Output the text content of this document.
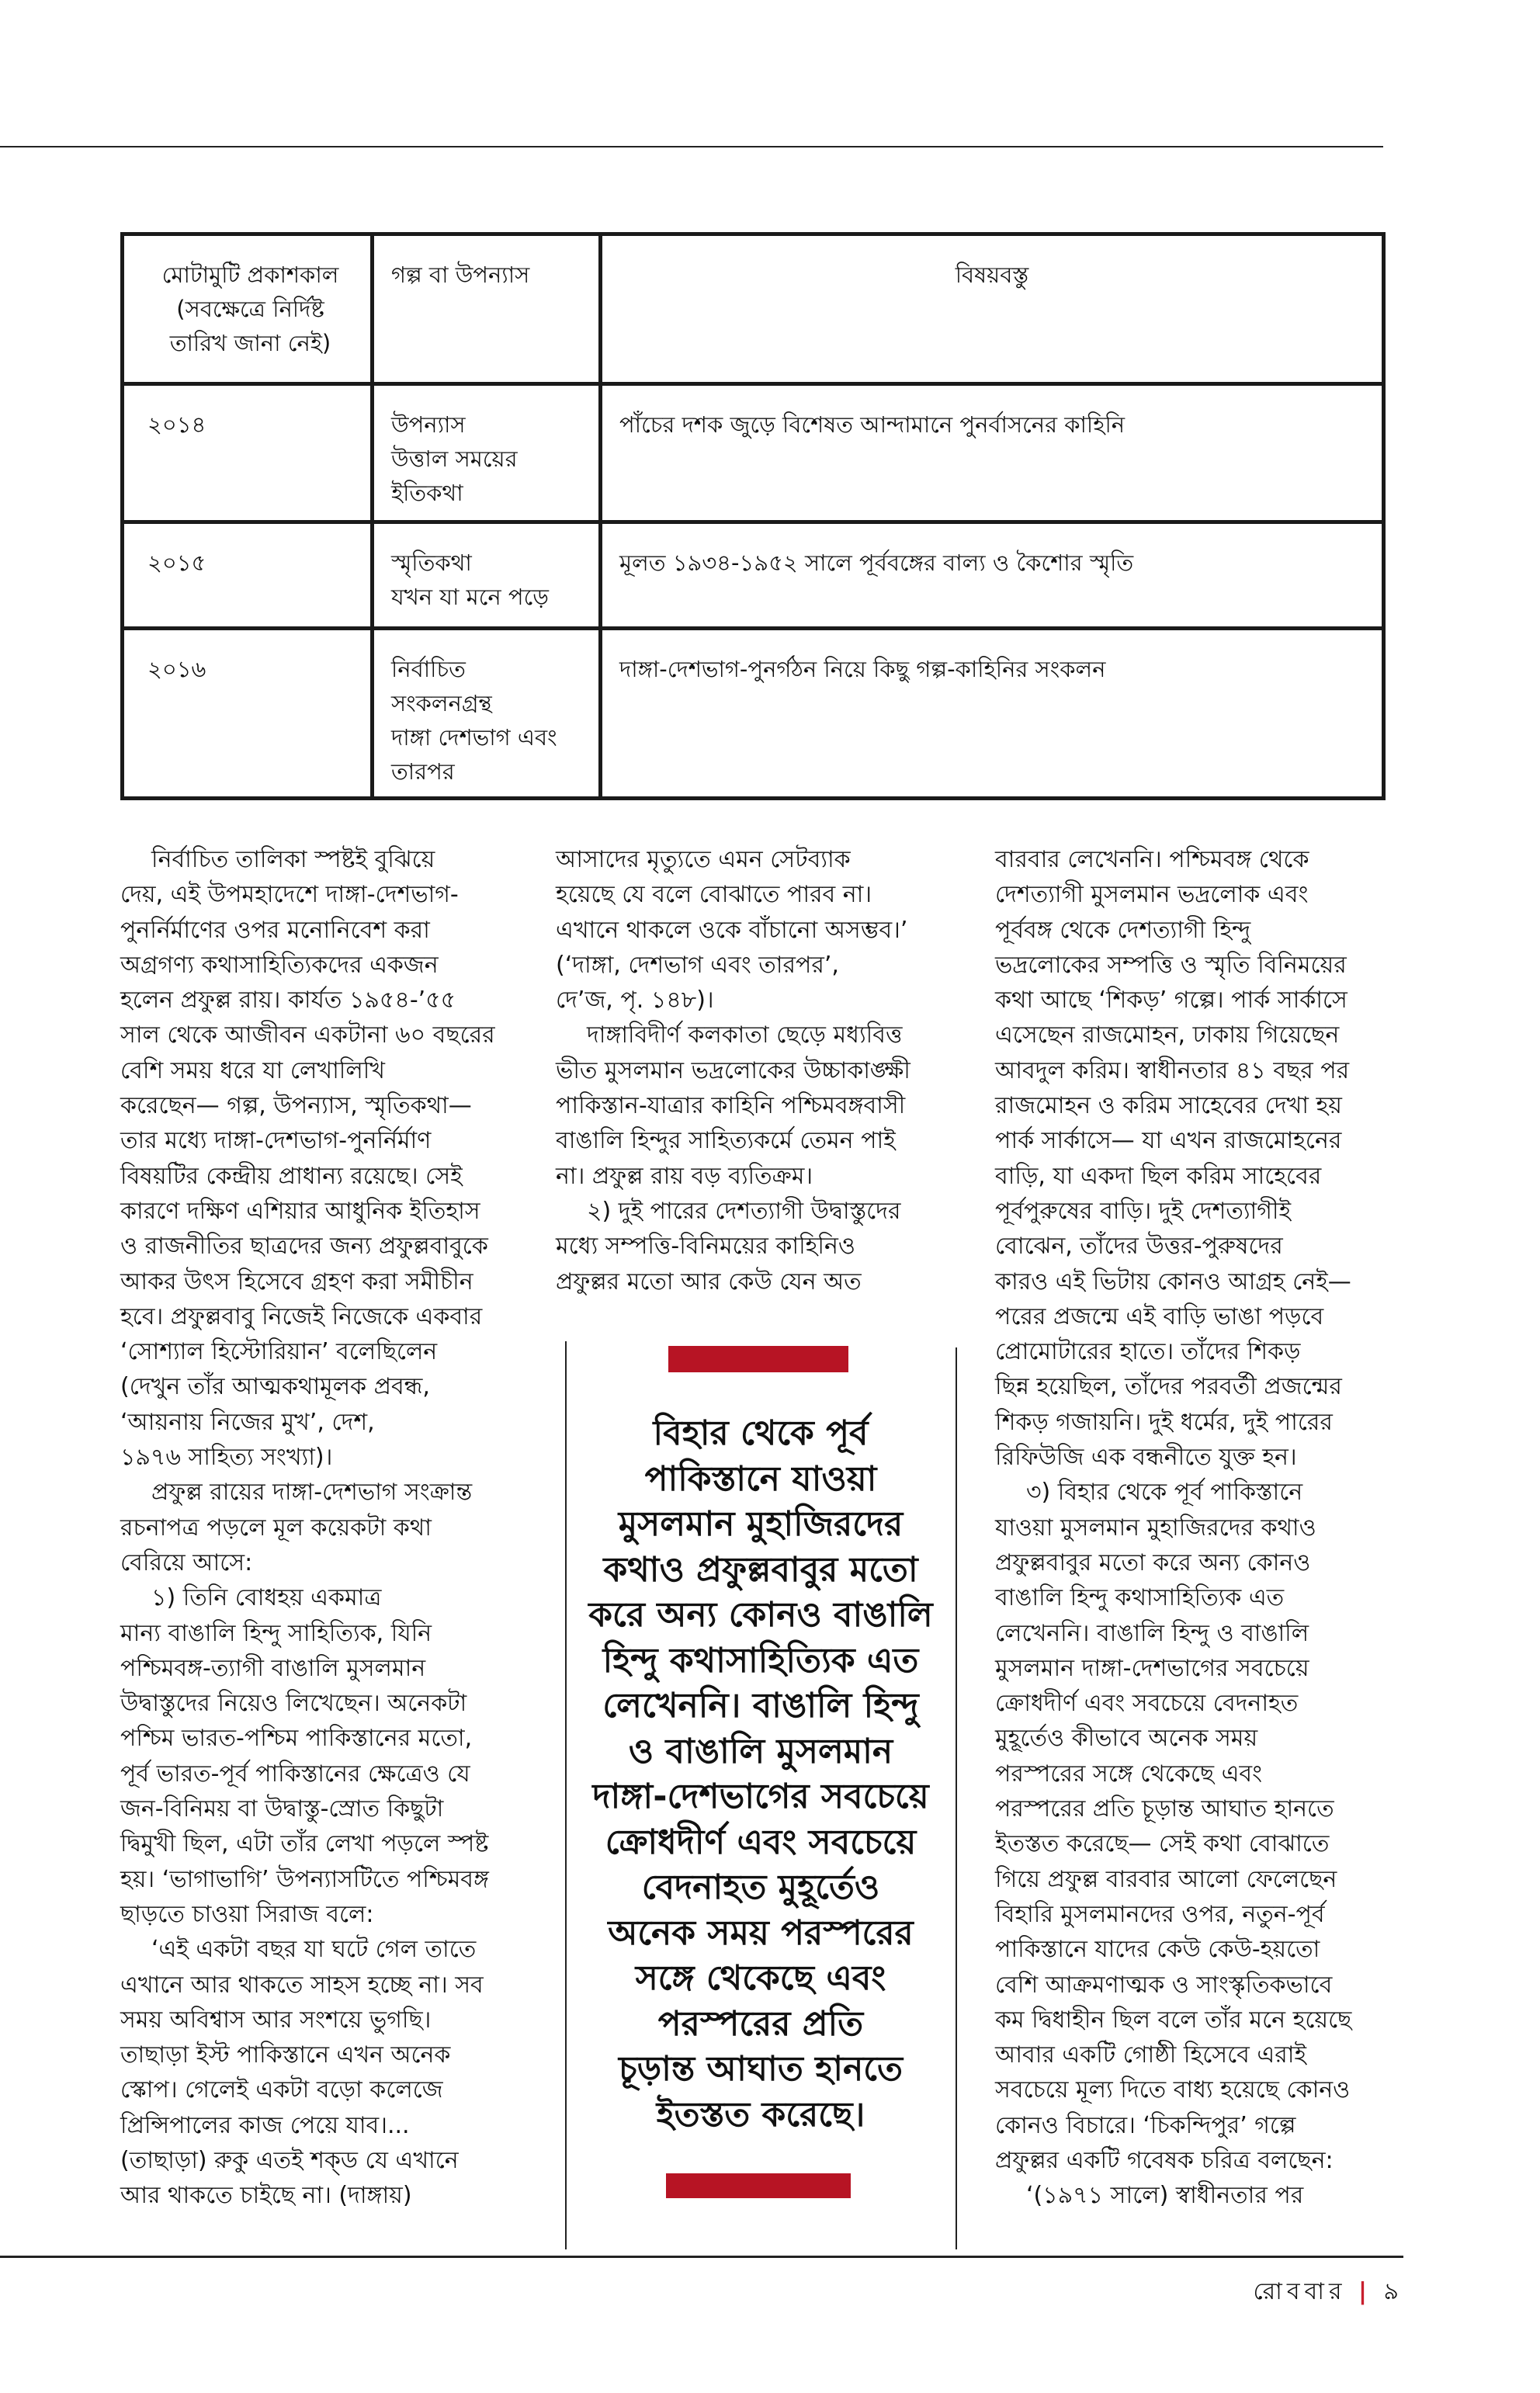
মোটামুটি প্রকাশকাল
(সবক্ষেত্রে নির্দিষ্ট
তারিখ জানা নেই)	গল্প বা উপন্যাস	বিষয়বস্তু

২০১৪	উপন্যাস
উত্তাল সময়ের
ইতিকথা	পাঁচের দশক জুড়ে বিশেষত আন্দামানে পুনর্বাসনের কাহিনি
২০১৫	স্মৃতিকথা
যখন যা মনে পড়ে	মূলত ১৯৩৪-১৯৫২ সালে পূর্ববঙ্গের বাল্য ও কৈশোর স্মৃতি
২০১৬	নির্বাচিত
সংকলনগ্রন্থ
দাঙ্গা দেশভাগ এবং
তারপর	দাঙ্গা-দেশভাগ-পুনর্গঠন নিয়ে কিছু গল্প-কাহিনির সংকলন
নির্বাচিত তালিকা স্পষ্টই বুঝিয়ে
দেয়, এই উপমহাদেশে দাঙ্গা-দেশভাগ-
পুনর্নির্মাণের ওপর মনোনিবেশ করা
অগ্রগণ্য কথাসাহিত্যিকদের একজন
হলেন প্রফুল্ল রায়। কার্যত ১৯৫৪-’৫৫
সাল থেকে আজীবন একটানা ৬০ বছরের
বেশি সময় ধরে যা লেখালিখি
করেছেন— গল্প, উপন্যাস, স্মৃতিকথা—
তার মধ্যে দাঙ্গা-দেশভাগ-পুনর্নির্মাণ
বিষয়টির কেন্দ্রীয় প্রাধান্য রয়েছে। সেই
কারণে দক্ষিণ এশিয়ার আধুনিক ইতিহাস
ও রাজনীতির ছাত্রদের জন্য প্রফুল্লবাবুকে
আকর উৎস হিসেবে গ্রহণ করা সমীচীন
হবে। প্রফুল্লবাবু নিজেই নিজেকে একবার
‘সোশ্যাল হিস্টোরিয়ান’ বলেছিলেন
(দেখুন তাঁর আত্মকথামূলক প্রবন্ধ,
‘আয়নায় নিজের মুখ’, দেশ,
১৯৭৬ সাহিত্য সংখ্যা)।
প্রফুল্ল রায়ের দাঙ্গা-দেশভাগ সংক্রান্ত
রচনাপত্র পড়লে মূল কয়েকটা কথা
বেরিয়ে আসে:
১) তিনি বোধহয় একমাত্র
মান্য বাঙালি হিন্দু সাহিত্যিক, যিনি
পশ্চিমবঙ্গ-ত্যাগী বাঙালি মুসলমান
উদ্বাস্তুদের নিয়েও লিখেছেন। অনেকটা
পশ্চিম ভারত-পশ্চিম পাকিস্তানের মতো,
পূর্ব ভারত-পূর্ব পাকিস্তানের ক্ষেত্রেও যে
জন-বিনিময় বা উদ্বাস্তু-স্রোত কিছুটা
দ্বিমুখী ছিল, এটা তাঁর লেখা পড়লে স্পষ্ট
হয়। ‘ভাগাভাগি’ উপন্যাসটিতে পশ্চিমবঙ্গ
ছাড়তে চাওয়া সিরাজ বলে:
‘এই একটা বছর যা ঘটে গেল তাতে
এখানে আর থাকতে সাহস হচ্ছে না। সব
সময় অবিশ্বাস আর সংশয়ে ভুগছি।
তাছাড়া ইস্ট পাকিস্তানে এখন অনেক
স্কোপ। গেলেই একটা বড়ো কলেজে
প্রিন্সিপালের কাজ পেয়ে যাব।...
(তাছাড়া) রুকু এতই শক্‌ড যে এখানে
আর থাকতে চাইছে না। (দাঙ্গায়)
আসাদের মৃত্যুতে এমন সেটব্যাক
হয়েছে যে বলে বোঝাতে পারব না।
এখানে থাকলে ওকে বাঁচানো অসম্ভব।’
(‘দাঙ্গা, দেশভাগ এবং তারপর’,
দে’জ, পৃ. ১৪৮)।
দাঙ্গাবিদীর্ণ কলকাতা ছেড়ে মধ্যবিত্ত
ভীত মুসলমান ভদ্রলোকের উচ্চাকাঙ্ক্ষী
পাকিস্তান-যাত্রার কাহিনি পশ্চিমবঙ্গবাসী
বাঙালি হিন্দুর সাহিত্যকর্মে তেমন পাই
না। প্রফুল্ল রায় বড় ব্যতিক্রম।
২) দুই পারের দেশত্যাগী উদ্বাস্তুদের
মধ্যে সম্পত্তি-বিনিময়ের কাহিনিও
প্রফুল্লর মতো আর কেউ যেন অত
বারবার লেখেননি। পশ্চিমবঙ্গ থেকে
দেশত্যাগী মুসলমান ভদ্রলোক এবং
পূর্ববঙ্গ থেকে দেশত্যাগী হিন্দু
ভদ্রলোকের সম্পত্তি ও স্মৃতি বিনিময়ের
কথা আছে ‘শিকড়’ গল্পে। পার্ক সার্কাসে
এসেছেন রাজমোহন, ঢাকায় গিয়েছেন
আবদুল করিম। স্বাধীনতার ৪১ বছর পর
রাজমোহন ও করিম সাহেবের দেখা হয়
পার্ক সার্কাসে— যা এখন রাজমোহনের
বাড়ি, যা একদা ছিল করিম সাহেবের
পূর্বপুরুষের বাড়ি। দুই দেশত্যাগীই
বোঝেন, তাঁদের উত্তর-পুরুষদের
কারও এই ভিটায় কোনও আগ্রহ নেই—
পরের প্রজন্মে এই বাড়ি ভাঙা পড়বে
প্রোমোটারের হাতে। তাঁদের শিকড়
ছিন্ন হয়েছিল, তাঁদের পরবর্তী প্রজন্মের
শিকড় গজায়নি। দুই ধর্মের, দুই পারের
রিফিউজি এক বন্ধনীতে যুক্ত হন।
৩) বিহার থেকে পূর্ব পাকিস্তানে
যাওয়া মুসলমান মুহাজিরদের কথাও
প্রফুল্লবাবুর মতো করে অন্য কোনও
বাঙালি হিন্দু কথাসাহিত্যিক এত
লেখেননি। বাঙালি হিন্দু ও বাঙালি
মুসলমান দাঙ্গা-দেশভাগের সবচেয়ে
ক্রোধদীর্ণ এবং সবচেয়ে বেদনাহত
মুহূর্তেও কীভাবে অনেক সময়
পরস্পরের সঙ্গে থেকেছে এবং
পরস্পরের প্রতি চূড়ান্ত আঘাত হানতে
ইতস্তত করেছে— সেই কথা বোঝাতে
গিয়ে প্রফুল্ল বারবার আলো ফেলেছেন
বিহারি মুসলমানদের ওপর, নতুন-পূর্ব
পাকিস্তানে যাদের কেউ কেউ-হয়তো
বেশি আক্রমণাত্মক ও সাংস্কৃতিকভাবে
কম দ্বিধাহীন ছিল বলে তাঁর মনে হয়েছে
আবার একটি গোষ্ঠী হিসেবে এরাই
সবচেয়ে মূল্য দিতে বাধ্য হয়েছে কোনও
কোনও বিচারে। ‘চিকন্দিপুর’ গল্পে
প্রফুল্লর একটি গবেষক চরিত্র বলছেন:
‘(১৯৭১ সালে) স্বাধীনতার পর
বিহার থেকে পূর্ব
পাকিস্তানে যাওয়া
মুসলমান মুহাজিরদের
কথাও প্রফুল্লবাবুর মতো
করে অন্য কোনও বাঙালি
হিন্দু কথাসাহিত্যিক এত
লেখেননি। বাঙালি হিন্দু
ও বাঙালি মুসলমান
দাঙ্গা-দেশভাগের সবচেয়ে
ক্রোধদীর্ণ এবং সবচেয়ে
বেদনাহত মুহূর্তেও
অনেক সময় পরস্পরের
সঙ্গে থেকেছে এবং
পরস্পরের প্রতি
চূড়ান্ত আঘাত হানতে
ইতস্তত করেছে।
রোববার | ৯
